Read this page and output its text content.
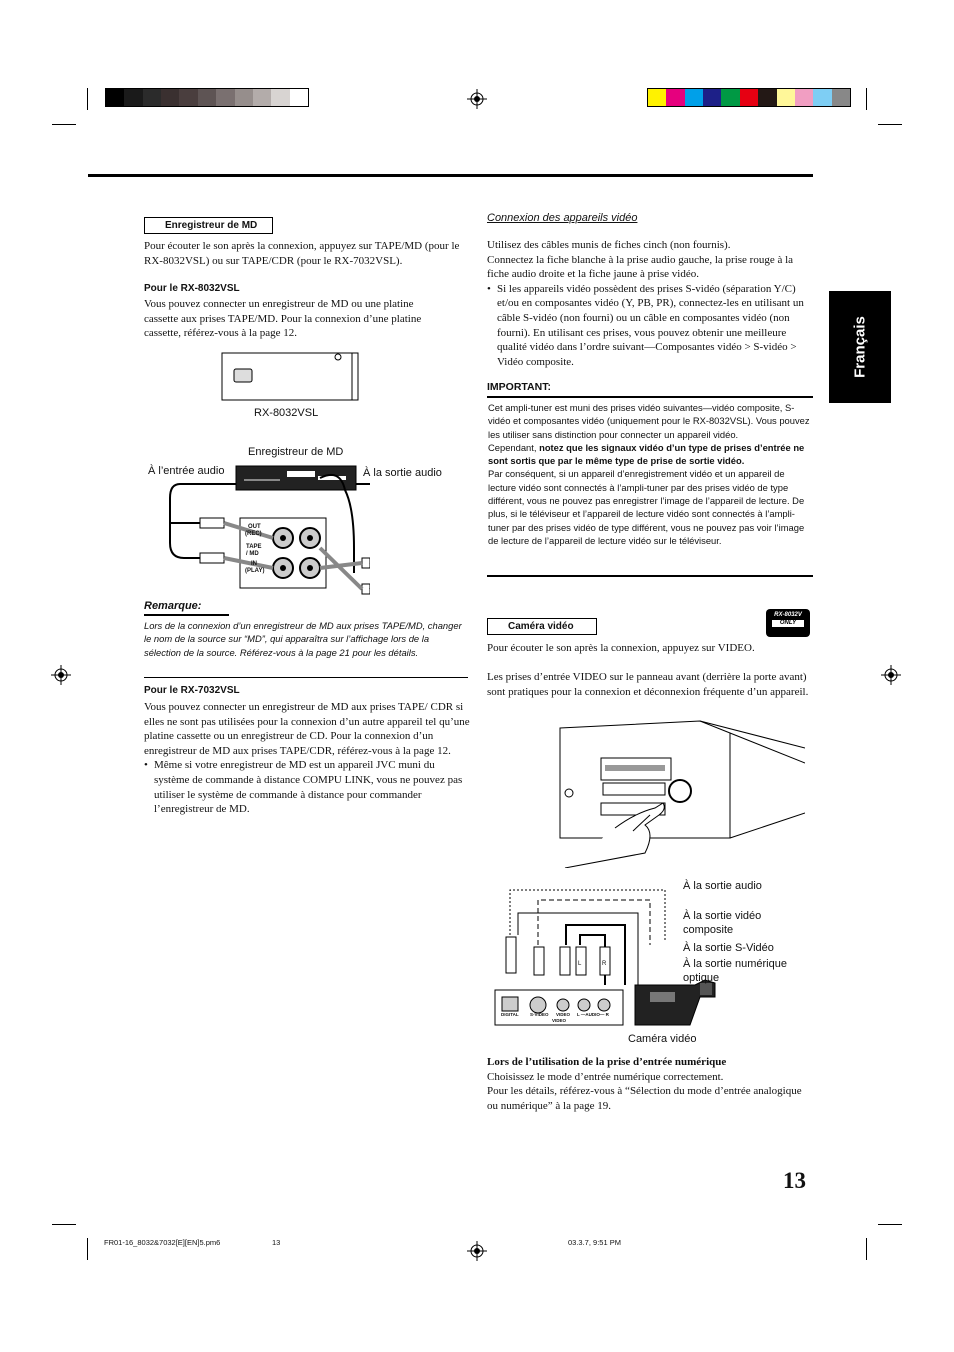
Français
Enregistreur de MD

Pour écouter le son après la connexion, appuyez sur TAPE/MD (pour le RX-8032VSL) ou sur TAPE/CDR (pour le RX-7032VSL).

Pour le RX-8032VSL

Vous pouvez connecter un enregistreur de MD ou une platine cassette aux prises TAPE/MD. Pour la connexion d’une platine cassette, référez-vous à la page 12.

OUT
(REC)
TAPE
/ MD
IN
(PLAY)
RX-8032VSL
Enregistreur de MD
À l’entrée audio	À la sortie audio
Remarque:
Lors de la connexion d’un enregistreur de MD aux prises TAPE/MD, changer le nom de la source sur “MD”, qui apparaîtra sur l’affichage lors de la sélection de la source. Référez-vous à la page 21 pour les détails.
Pour le RX-7032VSL

Vous pouvez connecter un enregistreur de MD aux prises TAPE/ CDR si elles ne sont pas utilisées pour la connexion d’un autre appareil tel qu’une platine cassette ou un enregistreur de CD. Pour la connexion d’un enregistreur de MD aux prises TAPE/CDR, référez-vous à la page 12.

• Même si votre enregistreur de MD est un appareil JVC muni du système de commande à distance COMPU LINK, vous ne pouvez pas utiliser le système de commande à distance pour commander l’enregistreur de MD.
Connexion des appareils vidéo

Utilisez des câbles munis de fiches cinch (non fournis).

Connectez la fiche blanche à la prise audio gauche, la prise rouge à la fiche audio droite et la fiche jaune à prise vidéo.

• Si les appareils vidéo possèdent des prises S-vidéo (séparation Y/C) et/ou en composantes vidéo (Y, PB, PR), connectez-les en utilisant un câble S-vidéo (non fourni) ou un câble en composantes vidéo (non fourni). En utilisant ces prises, vous pouvez obtenir une meilleure qualité vidéo dans l’ordre suivant—Composantes vidéo > S-vidéo > Vidéo composite.
IMPORTANT:

Cet ampli-tuner est muni des prises vidéo suivantes—vidéo composite, S-vidéo et composantes vidéo (uniquement pour le RX-8032VSL). Vous pouvez les utiliser sans distinction pour connecter un appareil vidéo.

Cependant, notez que les signaux vidéo d’un type de prises d’entrée ne sont sortis que par le même type de prise de sortie vidéo.

Par conséquent, si un appareil d’enregistrement vidéo et un appareil de lecture vidéo sont connectés à l’ampli-tuner par des prises vidéo de type différent, vous ne pouvez pas enregistrer l’image de l’appareil de lecture. De plus, si le téléviseur et l’appareil de lecture vidéo sont connectés à l’ampli-tuner par des prises vidéo de type différent, vous ne pouvez pas voir l’image de lecture de l’appareil de lecture vidéo sur le téléviseur.

Caméra vidéo
RX-8032V
ONLY
Pour écouter le son après la connexion, appuyez sur VIDEO.
Les prises d’entrée VIDEO sur le panneau avant (derrière la porte avant) sont pratiques pour la connexion et déconnexion fréquente d’un appareil.
DIGITAL	S-VIDEO VIDEO L —AUDIO— R
VIDEO
L	R
À la sortie audio
À la sortie vidéo
composite
À la sortie S-Vidéo
À la sortie numérique
optique
Caméra vidéo

Lors de l’utilisation de la prise d’entrée numérique

Choisissez le mode d’entrée numérique correctement.

Pour les détails, référez-vous à “Sélection du mode d’entrée analogique ou numérique” à la page 19.

13
FR01-16_8032&7032[E][EN]5.pm6	13	03.3.7, 9:51 PM
